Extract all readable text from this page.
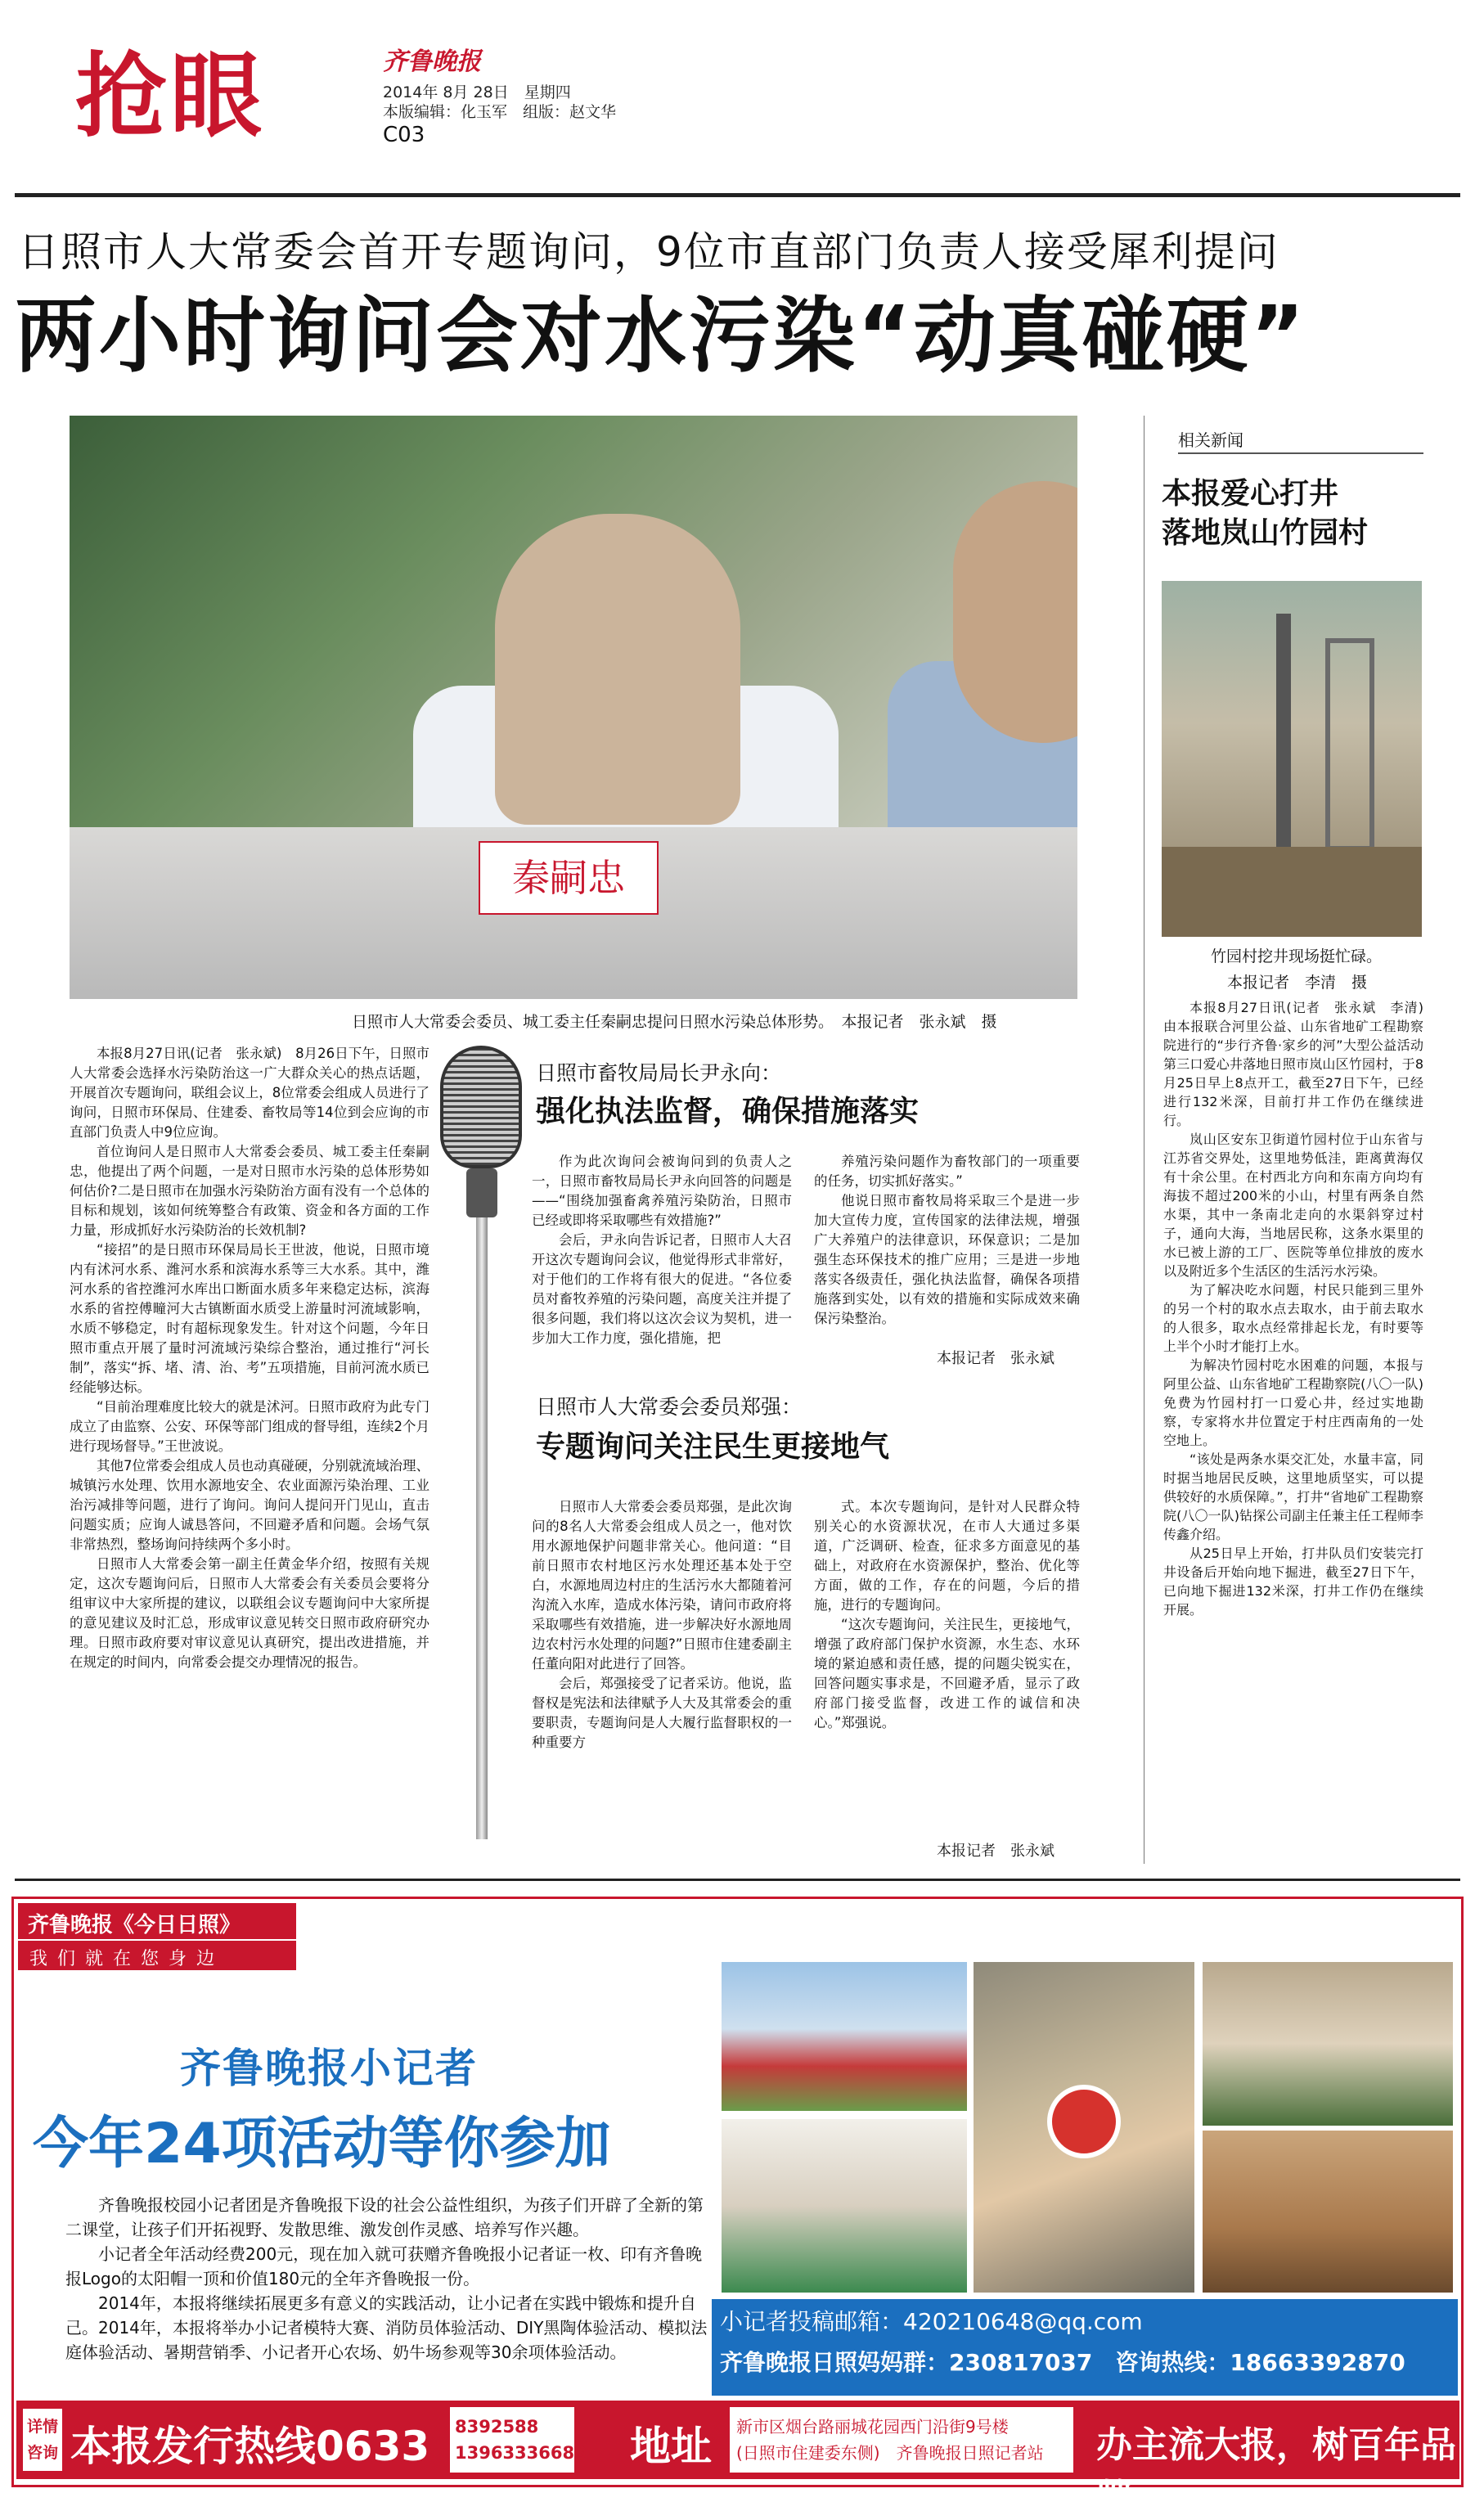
抢眼	齐鲁晚报
2014年 8月 28日　星期四
本版编辑：化玉军　组版：赵文华
C03
日照市人大常委会首开专题询问，9位市直部门负责人接受犀利提问
两小时询问会对水污染“动真碰硬”
秦嗣忠
日照市人大常委会委员、城工委主任秦嗣忠提问日照水污染总体形势。　本报记者　张永斌　摄
相关新闻
本报爱心打井
落地岚山竹园村
竹园村挖井现场挺忙碌。
本报记者　李清　摄

本报8月27日讯(记者　张永斌　李清)　由本报联合河里公益、山东省地矿工程勘察院进行的“步行齐鲁·家乡的河”大型公益活动第三口爱心井落地日照市岚山区竹园村，于8月25日早上8点开工，截至27日下午，已经进行132米深，目前打井工作仍在继续进行。

岚山区安东卫街道竹园村位于山东省与江苏省交界处，这里地势低洼，距离黄海仅有十余公里。在村西北方向和东南方向均有海拔不超过200米的小山，村里有两条自然水渠，其中一条南北走向的水渠斜穿过村子，通向大海，当地居民称，这条水渠里的水已被上游的工厂、医院等单位排放的废水以及附近多个生活区的生活污水污染。

为了解决吃水问题，村民只能到三里外的另一个村的取水点去取水，由于前去取水的人很多，取水点经常排起长龙，有时要等上半个小时才能打上水。

为解决竹园村吃水困难的问题，本报与阿里公益、山东省地矿工程勘察院(八〇一队)免费为竹园村打一口爱心井，经过实地勘察，专家将水井位置定于村庄西南角的一处空地上。

“该处是两条水渠交汇处，水量丰富，同时据当地居民反映，这里地质坚实，可以提供较好的水质保障。”，打井“省地矿工程勘察院(八〇一队)钻探公司副主任兼主任工程师李传鑫介绍。

从25日早上开始，打井队员们安装完打井设备后开始向地下掘进，截至27日下午，已向地下掘进132米深，打井工作仍在继续开展。

本报8月27日讯(记者　张永斌)　8月26日下午，日照市人大常委会选择水污染防治这一广大群众关心的热点话题，开展首次专题询问，联组会议上，8位常委会组成人员进行了询问，日照市环保局、住建委、畜牧局等14位到会应询的市直部门负责人中9位应询。

首位询问人是日照市人大常委会委员、城工委主任秦嗣忠，他提出了两个问题，一是对日照市水污染的总体形势如何估价?二是日照市在加强水污染防治方面有没有一个总体的目标和规划，该如何统筹整合有政策、资金和各方面的工作力量，形成抓好水污染防治的长效机制?

“接招”的是日照市环保局局长王世波，他说，日照市境内有沭河水系、潍河水系和滨海水系等三大水系。其中，潍河水系的省控潍河水库出口断面水质多年来稳定达标，滨海水系的省控傅疃河大古镇断面水质受上游量时河流域影响，水质不够稳定，时有超标现象发生。针对这个问题，今年日照市重点开展了量时河流域污染综合整治，通过推行“河长制”，落实“拆、堵、清、治、考”五项措施，目前河流水质已经能够达标。

“目前治理难度比较大的就是沭河。日照市政府为此专门成立了由监察、公安、环保等部门组成的督导组，连续2个月进行现场督导。”王世波说。

其他7位常委会组成人员也动真碰硬，分别就流域治理、城镇污水处理、饮用水源地安全、农业面源污染治理、工业治污减排等问题，进行了询问。询问人提问开门见山，直击问题实质；应询人诚恳答问，不回避矛盾和问题。会场气氛非常热烈，整场询问持续两个多小时。

日照市人大常委会第一副主任黄金华介绍，按照有关规定，这次专题询问后，日照市人大常委会有关委员会要将分组审议中大家所提的建议，以联组会议专题询问中大家所提的意见建议及时汇总，形成审议意见转交日照市政府研究办理。日照市政府要对审议意见认真研究，提出改进措施，并在规定的时间内，向常委会提交办理情况的报告。

日照市畜牧局局长尹永向：
强化执法监督，确保措施落实

作为此次询问会被询问到的负责人之一，日照市畜牧局局长尹永向回答的问题是——“围绕加强畜禽养殖污染防治，日照市已经或即将采取哪些有效措施?”

会后，尹永向告诉记者，日照市人大召开这次专题询问会议，他觉得形式非常好，对于他们的工作将有很大的促进。“各位委员对畜牧养殖的污染问题，高度关注并提了很多问题，我们将以这次会议为契机，进一步加大工作力度，强化措施，把

养殖污染问题作为畜牧部门的一项重要的任务，切实抓好落实。”

他说日照市畜牧局将采取三个是进一步加大宣传力度，宣传国家的法律法规，增强广大养殖户的法律意识，环保意识；二是加强生态环保技术的推广应用；三是进一步地落实各级责任，强化执法监督，确保各项措施落到实处，以有效的措施和实际成效来确保污染整治。

本报记者　张永斌
日照市人大常委会委员郑强：
专题询问关注民生更接地气

日照市人大常委会委员郑强，是此次询问的8名人大常委会组成人员之一，他对饮用水源地保护问题非常关心。他问道：“目前日照市农村地区污水处理还基本处于空白，水源地周边村庄的生活污水大都随着河沟流入水库，造成水体污染，请问市政府将采取哪些有效措施，进一步解决好水源地周边农村污水处理的问题?”日照市住建委副主任董向阳对此进行了回答。

会后，郑强接受了记者采访。他说，监督权是宪法和法律赋予人大及其常委会的重要职责，专题询问是人大履行监督职权的一种重要方

式。本次专题询问，是针对人民群众特别关心的水资源状况，在市人大通过多渠道，广泛调研、检查，征求多方面意见的基础上，对政府在水资源保护，整治、优化等方面，做的工作，存在的问题，今后的措施，进行的专题询问。

“这次专题询问，关注民生，更接地气，增强了政府部门保护水资源，水生态、水环境的紧迫感和责任感，提的问题尖锐实在，回答问题实事求是，不回避矛盾，显示了政府部门接受监督，改进工作的诚信和决心。”郑强说。

本报记者　张永斌
齐鲁晚报《今日日照》
我们就在您身边
齐鲁晚报小记者
今年24项活动等你参加

齐鲁晚报校园小记者团是齐鲁晚报下设的社会公益性组织，为孩子们开辟了全新的第二课堂，让孩子们开拓视野、发散思维、激发创作灵感、培养写作兴趣。

小记者全年活动经费200元，现在加入就可获赠齐鲁晚报小记者证一枚、印有齐鲁晚报Logo的太阳帽一顶和价值180元的全年齐鲁晚报一份。

2014年，本报将继续拓展更多有意义的实践活动，让小记者在实践中锻炼和提升自己。2014年，本报将举办小记者模特大赛、消防员体验活动、DIY黑陶体验活动、模拟法庭体验活动、暑期营销季、小记者开心农场、奶牛场参观等30余项体验活动。

小记者投稿邮箱：420210648@qq.com
齐鲁晚报日照妈妈群：230817037　 咨询热线：18663392870
详情
咨询 本报发行热线0633 8392588
13963336688 地址 新市区烟台路丽城花园西门沿街9号楼
(日照市住建委东侧)　齐鲁晚报日照记者站	办主流大报，树百年品牌
